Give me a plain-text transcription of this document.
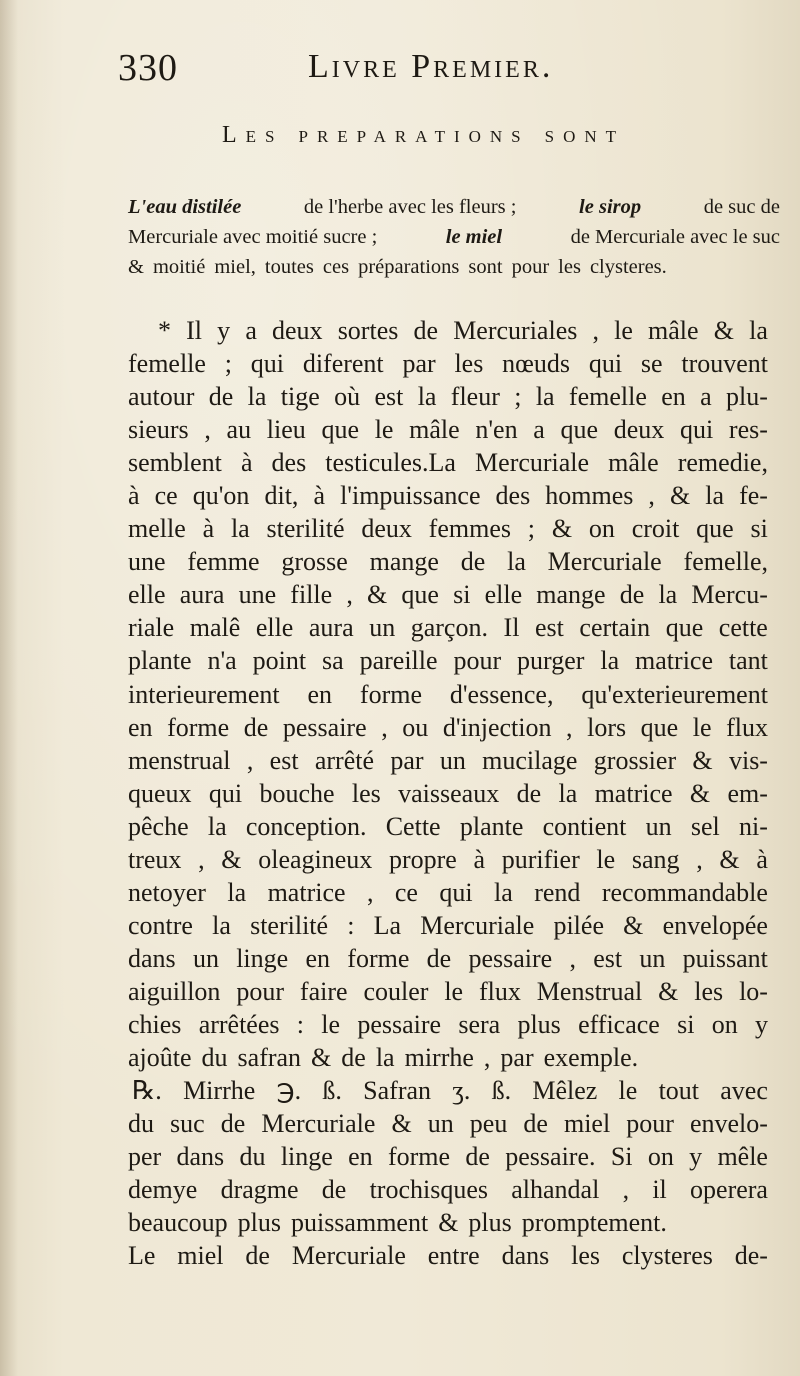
330	Livre Premier.
Les preparations sont
L'eau distilée	de l'herbe avec les fleurs ;	le sirop	de suc de
Mercuriale avec moitié sucre ;	le miel	de Mercuriale avec le suc
& moitié miel, toutes ces préparations sont pour les clysteres.
* Il y a deux sortes de Mercuriales , le mâle & la
femelle ; qui diferent par les nœuds qui se trouvent
autour de la tige où est la fleur ; la femelle en a plu-
sieurs , au lieu que le mâle n'en a que deux qui res-
semblent à des testicules.La Mercuriale mâle remedie,
à ce qu'on dit, à l'impuissance des hommes , & la fe-
melle à la sterilité deux femmes ; & on croit que si
une femme grosse mange de la Mercuriale femelle,
elle aura une fille , & que si elle mange de la Mercu-
riale malê elle aura un garçon. Il est certain que cette
plante n'a point sa pareille pour purger la matrice tant
interieurement en forme d'essence, qu'exterieurement
en forme de pessaire , ou d'injection , lors que le flux
menstrual , est arrêté par un mucilage grossier & vis-
queux qui bouche les vaisseaux de la matrice & em-
pêche la conception. Cette plante contient un sel ni-
treux , & oleagineux propre à purifier le sang , & à
netoyer la matrice , ce qui la rend recommandable
contre la sterilité : La Mercuriale pilée & envelopée
dans un linge en forme de pessaire , est un puissant
aiguillon pour faire couler le flux Menstrual & les lo-
chies arrêtées : le pessaire sera plus efficace si on y
ajoûte du safran & de la mirrhe , par exemple.
℞. Mirrhe ℈. ß. Safran ʒ. ß. Mêlez le tout avec
du suc de Mercuriale & un peu de miel pour envelo-
per dans du linge en forme de pessaire. Si on y mêle
demye dragme de trochisques alhandal , il operera
beaucoup plus puissamment & plus promptement.
Le miel de Mercuriale entre dans les clysteres de-
